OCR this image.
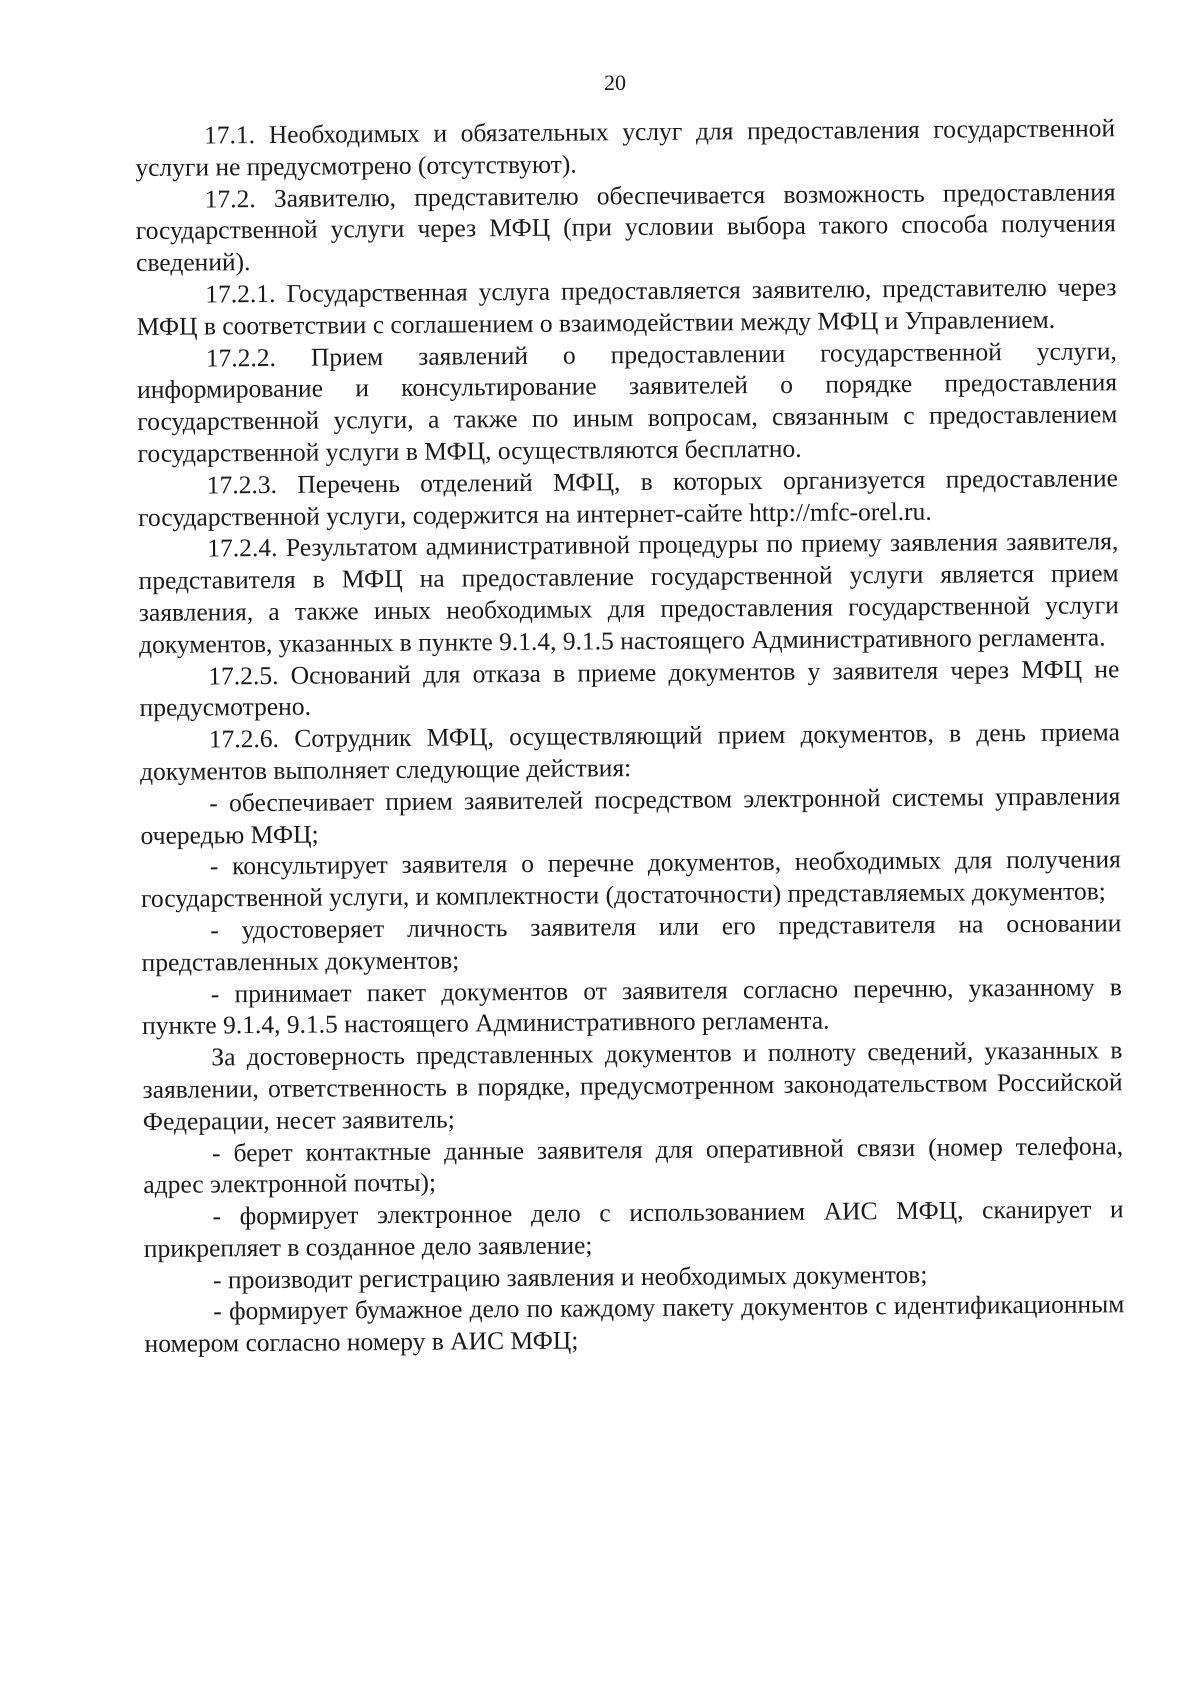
20

17.1. Необходимых и обязательных услуг для предоставления государственной услуги не предусмотрено (отсутствуют).

17.2. Заявителю, представителю обеспечивается возможность предоставления государственной услуги через МФЦ (при условии выбора такого способа получения сведений).

17.2.1. Государственная услуга предоставляется заявителю, представителю через МФЦ в соответствии с соглашением о взаимодействии между МФЦ и Управлением.

17.2.2. Прием заявлений о предоставлении государственной услуги, информирование и консультирование заявителей о порядке предоставления государственной услуги, а также по иным вопросам, связанным с предоставлением государственной услуги в МФЦ, осуществляются бесплатно.

17.2.3. Перечень отделений МФЦ, в которых организуется предоставление государственной услуги, содержится на интернет-сайте http://mfc-orel.ru.

17.2.4. Результатом административной процедуры по приему заявления заявителя, представителя в МФЦ на предоставление государственной услуги является прием заявления, а также иных необходимых для предоставления государственной услуги документов, указанных в пункте 9.1.4, 9.1.5 настоящего Административного регламента.

17.2.5. Оснований для отказа в приеме документов у заявителя через МФЦ не предусмотрено.

17.2.6. Сотрудник МФЦ, осуществляющий прием документов, в день приема документов выполняет следующие действия:

- обеспечивает прием заявителей посредством электронной системы управления очередью МФЦ;

- консультирует заявителя о перечне документов, необходимых для получения государственной услуги, и комплектности (достаточности) представляемых документов;

- удостоверяет личность заявителя или его представителя на основании представленных документов;

- принимает пакет документов от заявителя согласно перечню, указанному в пункте 9.1.4, 9.1.5 настоящего Административного регламента.

За достоверность представленных документов и полноту сведений, указанных в заявлении, ответственность в порядке, предусмотренном законодательством Российской Федерации, несет заявитель;

- берет контактные данные заявителя для оперативной связи (номер телефона, адрес электронной почты);

- формирует электронное дело с использованием АИС МФЦ, сканирует и прикрепляет в созданное дело заявление;

- производит регистрацию заявления и необходимых документов;

- формирует бумажное дело по каждому пакету документов с идентификационным номером согласно номеру в АИС МФЦ;
